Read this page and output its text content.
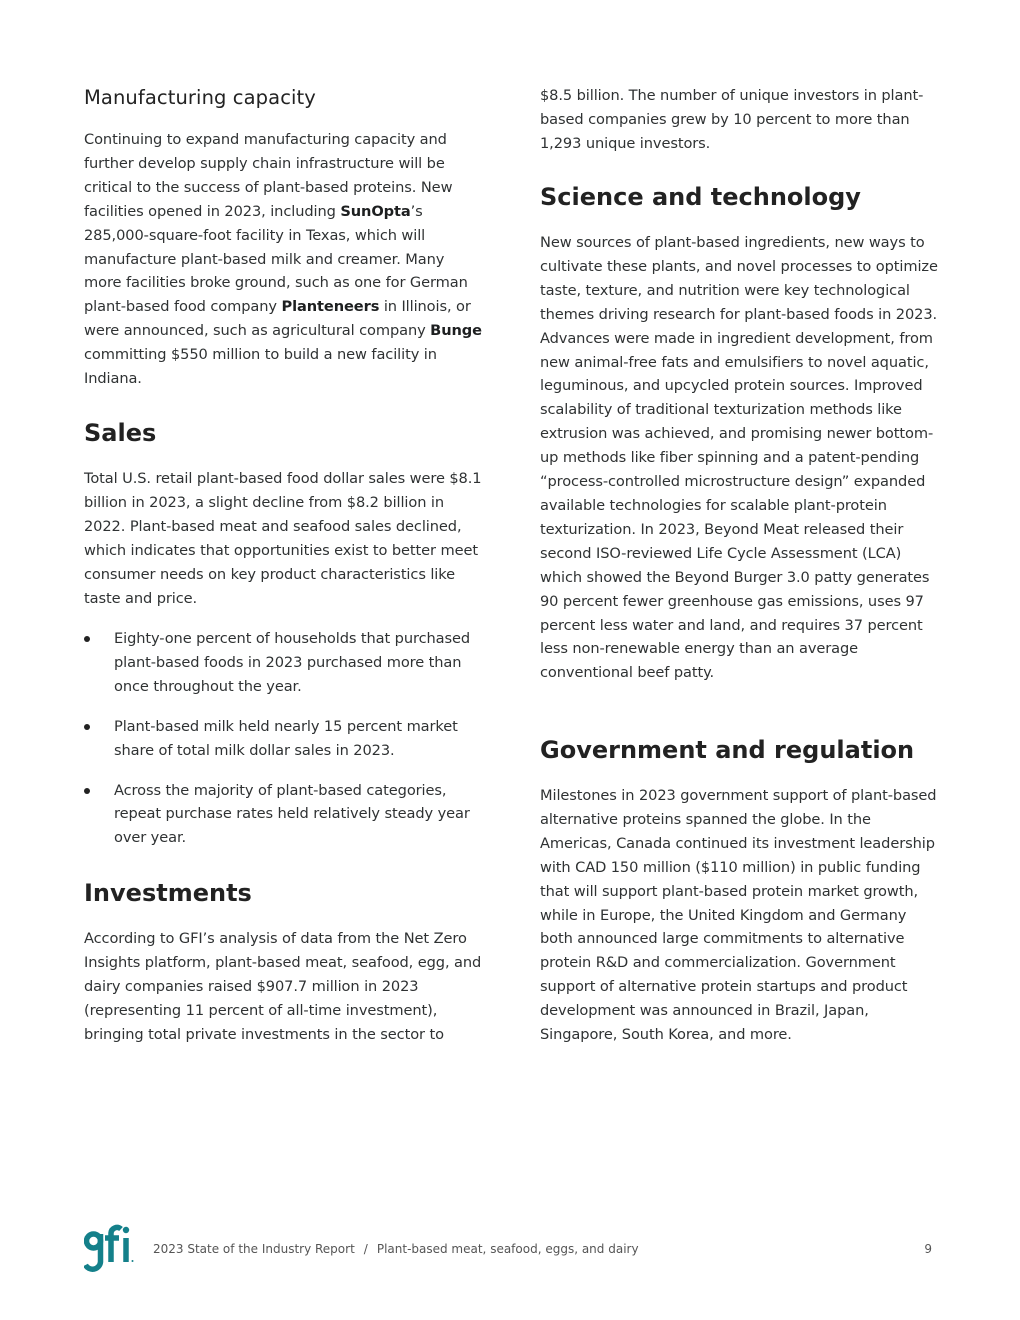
Manufacturing capacity

Continuing to expand manufacturing capacity and further develop supply chain infrastructure will be critical to the success of plant-based proteins. New facilities opened in 2023, including SunOpta’s 285,000-square-foot facility in Texas, which will manufacture plant-based milk and creamer. Many more facilities broke ground, such as one for German plant-based food company Planteneers in Illinois, or were announced, such as agricultural company Bunge committing $550 million to build a new facility in Indiana.

Sales

Total U.S. retail plant-based food dollar sales were $8.1 billion in 2023, a slight decline from $8.2 billion in 2022. Plant-based meat and seafood sales declined, which indicates that opportunities exist to better meet consumer needs on key product characteristics like taste and price.

Eighty-one percent of households that purchased plant-based foods in 2023 purchased more than once throughout the year.
Plant-based milk held nearly 15 percent market share of total milk dollar sales in 2023.
Across the majority of plant-based categories, repeat purchase rates held relatively steady year over year.
Investments

According to GFI’s analysis of data from the Net Zero Insights platform, plant-based meat, seafood, egg, and dairy companies raised $907.7 million in 2023 (representing 11 percent of all-time investment), bringing total private investments in the sector to

$8.5 billion. The number of unique investors in plant-based companies grew by 10 percent to more than 1,293 unique investors.

Science and technology

New sources of plant-based ingredients, new ways to cultivate these plants, and novel processes to optimize taste, texture, and nutrition were key technological themes driving research for plant-based foods in 2023. Advances were made in ingredient development, from new animal-free fats and emulsifiers to novel aquatic, leguminous, and upcycled protein sources. Improved scalability of traditional texturization methods like extrusion was achieved, and promising newer bottom-up methods like fiber spinning and a patent-pending “process-controlled microstructure design” expanded available technologies for scalable plant-protein texturization. In 2023, Beyond Meat released their second ISO-reviewed Life Cycle Assessment (LCA) which showed the Beyond Burger 3.0 patty generates 90 percent fewer greenhouse gas emissions, uses 97 percent less water and land, and requires 37 percent less non-renewable energy than an average conventional beef patty.

Government and regulation

Milestones in 2023 government support of plant-based alternative proteins spanned the globe. In the Americas, Canada continued its investment leadership with CAD 150 million ($110 million) in public funding that will support plant-based protein market growth, while in Europe, the United Kingdom and Germany both announced large commitments to alternative protein R&D and commercialization. Government support of alternative protein startups and product development was announced in Brazil, Japan, Singapore, South Korea, and more.

2023 State of the Industry Report / Plant-based meat, seafood, eggs, and dairy	9
